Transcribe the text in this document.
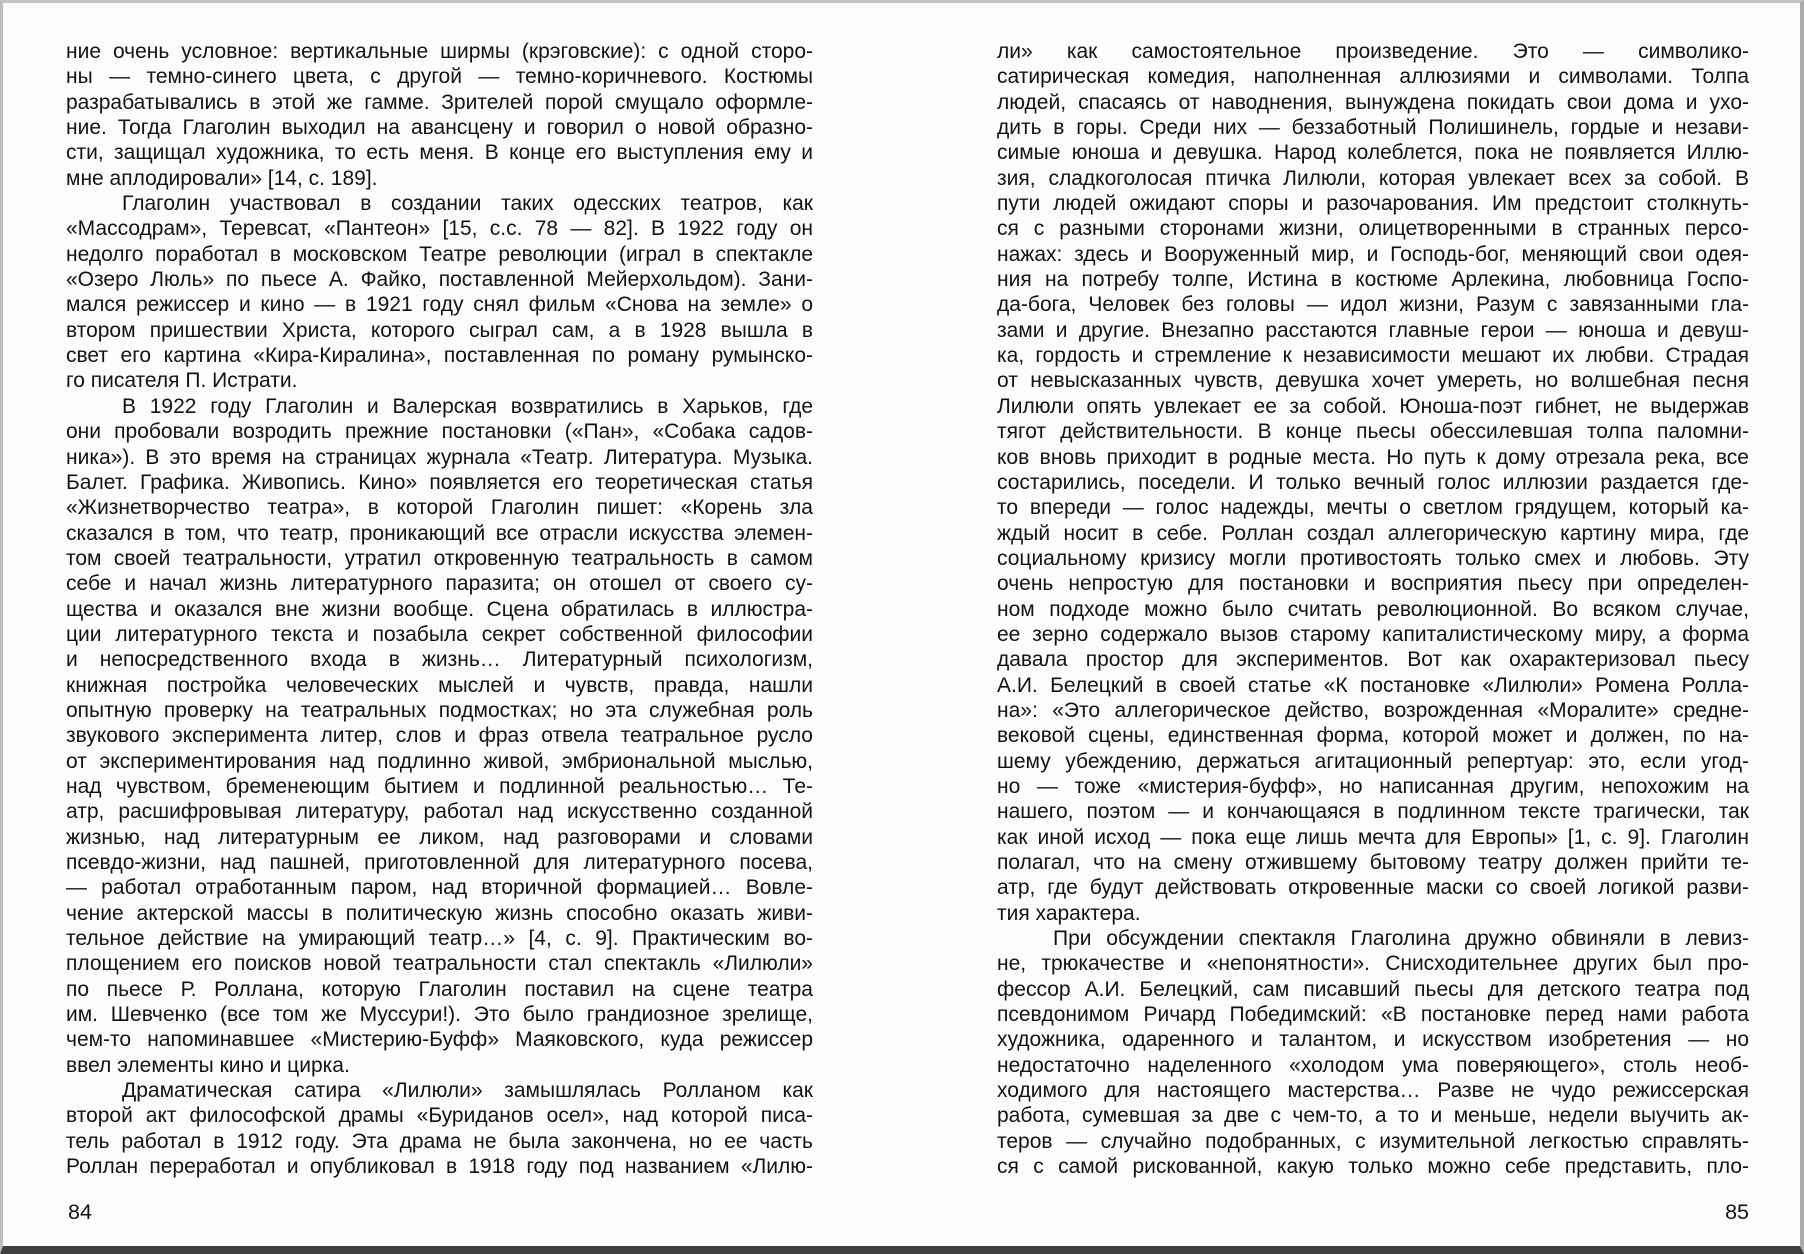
ние очень условное: вертикальные ширмы (крэговские): с одной сторо-
ны — темно-синего цвета, с другой — темно-коричневого. Костюмы
разрабатывались в этой же гамме. Зрителей порой смущало оформле-
ние. Тогда Глаголин выходил на авансцену и говорил о новой образно-
сти, защищал художника, то есть меня. В конце его выступления ему и
мне аплодировали» [14, с. 189].
Глаголин участвовал в создании таких одесских театров, как
«Массодрам», Теревсат, «Пантеон» [15, с.с. 78 — 82]. В 1922 году он
недолго поработал в московском Театре революции (играл в спектакле
«Озеро Люль» по пьесе А. Файко, поставленной Мейерхольдом). Зани-
мался режиссер и кино — в 1921 году снял фильм «Снова на земле» о
втором пришествии Христа, которого сыграл сам, а в 1928 вышла в
свет его картина «Кира-Киралина», поставленная по роману румынско-
го писателя П. Истрати.
В 1922 году Глаголин и Валерская возвратились в Харьков, где
они пробовали возродить прежние постановки («Пан», «Собака садов-
ника»). В это время на страницах журнала «Театр. Литература. Музыка.
Балет. Графика. Живопись. Кино» появляется его теоретическая статья
«Жизнетворчество театра», в которой Глаголин пишет: «Корень зла
сказался в том, что театр, проникающий все отрасли искусства элемен-
том своей театральности, утратил откровенную театральность в самом
себе и начал жизнь литературного паразита; он отошел от своего су-
щества и оказался вне жизни вообще. Сцена обратилась в иллюстра-
ции литературного текста и позабыла секрет собственной философии
и непосредственного входа в жизнь… Литературный психологизм,
книжная постройка человеческих мыслей и чувств, правда, нашли
опытную проверку на театральных подмостках; но эта служебная роль
звукового эксперимента литер, слов и фраз отвела театральное русло
от экспериментирования над подлинно живой, эмбриональной мыслью,
над чувством, бременеющим бытием и подлинной реальностью… Те-
атр, расшифровывая литературу, работал над искусственно созданной
жизнью, над литературным ее ликом, над разговорами и словами
псевдо-жизни, над пашней, приготовленной для литературного посева,
— работал отработанным паром, над вторичной формацией… Вовле-
чение актерской массы в политическую жизнь способно оказать живи-
тельное действие на умирающий театр…» [4, с. 9]. Практическим во-
площением его поисков новой театральности стал спектакль «Лилюли»
по пьесе Р. Роллана, которую Глаголин поставил на сцене театра
им. Шевченко (все том же Муссури!). Это было грандиозное зрелище,
чем-то напоминавшее «Мистерию-Буфф» Маяковского, куда режиссер
ввел элементы кино и цирка.
Драматическая сатира «Лилюли» замышлялась Ролланом как
второй акт философской драмы «Буриданов осел», над которой писа-
тель работал в 1912 году. Эта драма не была закончена, но ее часть
Роллан переработал и опубликовал в 1918 году под названием «Лилю-
84
ли» как самостоятельное произведение. Это — символико-
сатирическая комедия, наполненная аллюзиями и символами. Толпа
людей, спасаясь от наводнения, вынуждена покидать свои дома и ухо-
дить в горы. Среди них — беззаботный Полишинель, гордые и незави-
симые юноша и девушка. Народ колеблется, пока не появляется Иллю-
зия, сладкоголосая птичка Лилюли, которая увлекает всех за собой. В
пути людей ожидают споры и разочарования. Им предстоит столкнуть-
ся с разными сторонами жизни, олицетворенными в странных персо-
нажах: здесь и Вооруженный мир, и Господь-бог, меняющий свои одея-
ния на потребу толпе, Истина в костюме Арлекина, любовница Госпо-
да-бога, Человек без головы — идол жизни, Разум с завязанными гла-
зами и другие. Внезапно расстаются главные герои — юноша и девуш-
ка, гордость и стремление к независимости мешают их любви. Страдая
от невысказанных чувств, девушка хочет умереть, но волшебная песня
Лилюли опять увлекает ее за собой. Юноша-поэт гибнет, не выдержав
тягот действительности. В конце пьесы обессилевшая толпа паломни-
ков вновь приходит в родные места. Но путь к дому отрезала река, все
состарились, поседели. И только вечный голос иллюзии раздается где-
то впереди — голос надежды, мечты о светлом грядущем, который ка-
ждый носит в себе. Роллан создал аллегорическую картину мира, где
социальному кризису могли противостоять только смех и любовь. Эту
очень непростую для постановки и восприятия пьесу при определен-
ном подходе можно было считать революционной. Во всяком случае,
ее зерно содержало вызов старому капиталистическому миру, а форма
давала простор для экспериментов. Вот как охарактеризовал пьесу
А.И. Белецкий в своей статье «К постановке «Лилюли» Ромена Ролла-
на»: «Это аллегорическое действо, возрожденная «Моралите» средне-
вековой сцены, единственная форма, которой может и должен, по на-
шему убеждению, держаться агитационный репертуар: это, если угод-
но — тоже «мистерия-буфф», но написанная другим, непохожим на
нашего, поэтом — и кончающаяся в подлинном тексте трагически, так
как иной исход — пока еще лишь мечта для Европы» [1, с. 9]. Глаголин
полагал, что на смену отжившему бытовому театру должен прийти те-
атр, где будут действовать откровенные маски со своей логикой разви-
тия характера.
При обсуждении спектакля Глаголина дружно обвиняли в левиз-
не, трюкачестве и «непонятности». Снисходительнее других был про-
фессор А.И. Белецкий, сам писавший пьесы для детского театра под
псевдонимом Ричард Победимский: «В постановке перед нами работа
художника, одаренного и талантом, и искусством изобретения — но
недостаточно наделенного «холодом ума поверяющего», столь необ-
ходимого для настоящего мастерства… Разве не чудо режиссерская
работа, сумевшая за две с чем-то, а то и меньше, недели выучить ак-
теров — случайно подобранных, с изумительной легкостью справлять-
ся с самой рискованной, какую только можно себе представить, пло-
85
